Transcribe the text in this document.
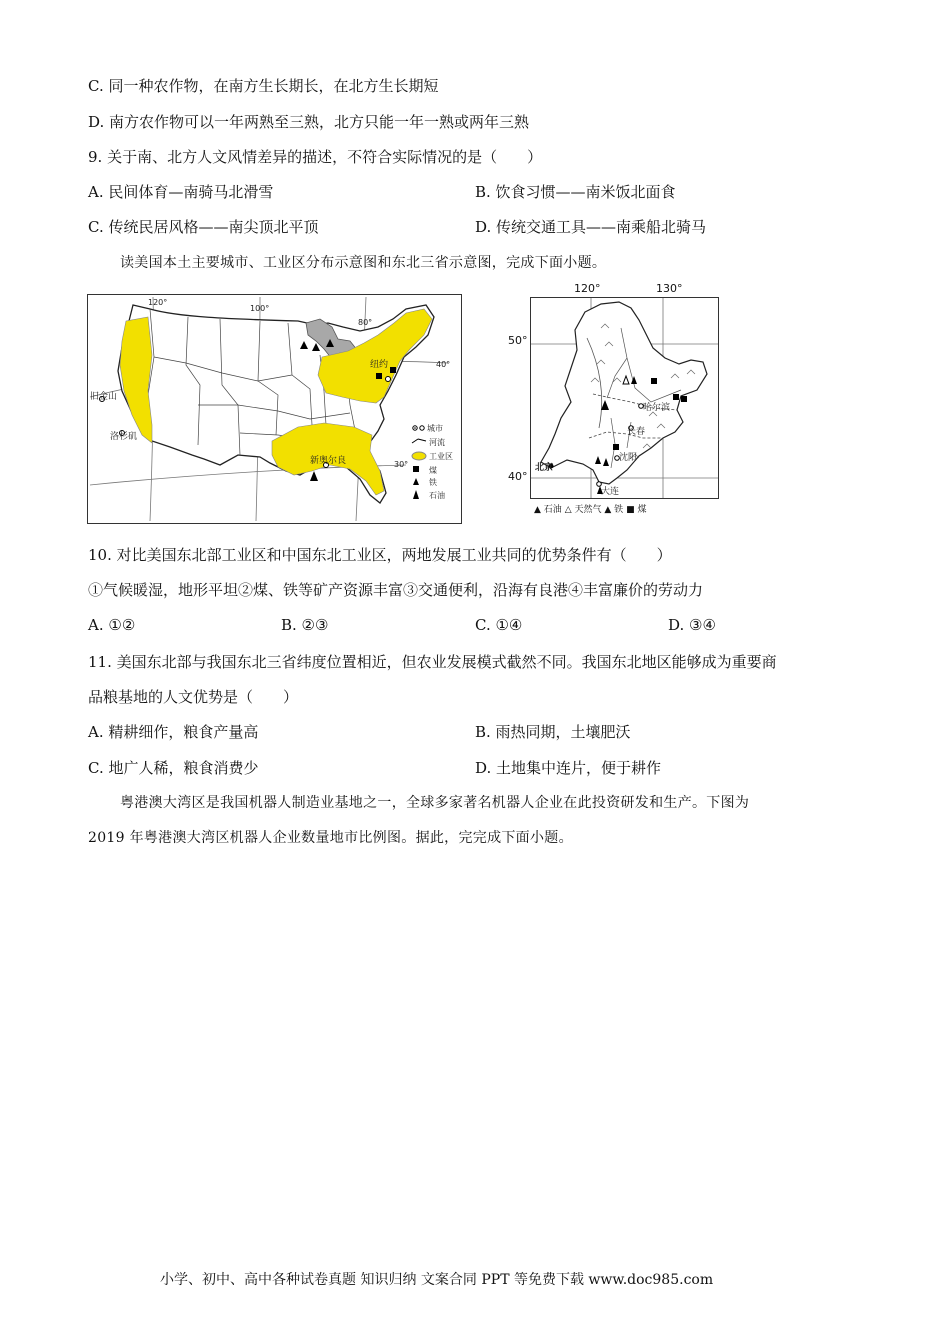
C. 同一种农作物，在南方生长期长，在北方生长期短
D. 南方农作物可以一年两熟至三熟，北方只能一年一熟或两年三熟
9. 关于南、北方人文风情差异的描述，不符合实际情况的是（　　）
A. 民间体育—南骑马北滑雪	B. 饮食习惯——南米饭北面食
C. 传统民居风格——南尖顶北平顶	D. 传统交通工具——南乘船北骑马
读美国本土主要城市、工业区分布示意图和东北三省示意图，完成下面小题。
120°
100°
80°
40°
30°
纽约
旧金山
洛杉矶
新奥尔良
城市
河流
工业区
煤
铁
石油
哈尔滨
长春
沈阳
北京
大连
120°	130°
50°
40°
▲ 石油 △ 天然气 ▲ 铁 ■ 煤
10. 对比美国东北部工业区和中国东北工业区，两地发展工业共同的优势条件有（　　）
①气候暖湿，地形平坦②煤、铁等矿产资源丰富③交通便利，沿海有良港④丰富廉价的劳动力
A. ①②	B. ②③	C. ①④	D. ③④
11. 美国东北部与我国东北三省纬度位置相近，但农业发展模式截然不同。我国东北地区能够成为重要商
品粮基地的人文优势是（　　）
A. 精耕细作，粮食产量高	B. 雨热同期，土壤肥沃
C. 地广人稀，粮食消费少	D. 土地集中连片，便于耕作
粤港澳大湾区是我国机器人制造业基地之一，全球多家著名机器人企业在此投资研发和生产。下图为
2019 年粤港澳大湾区机器人企业数量地市比例图。据此，完完成下面小题。
小学、初中、高中各种试卷真题 知识归纳 文案合同 PPT 等免费下载 www.doc985.com
